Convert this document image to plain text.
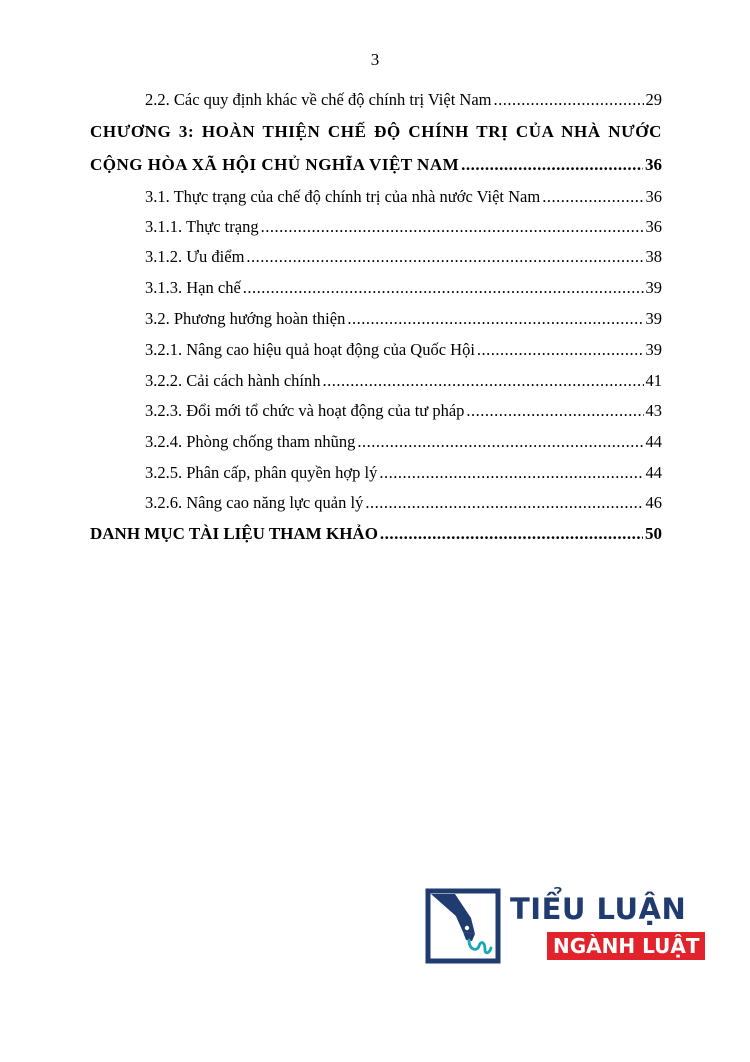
3
2.2. Các quy định khác về chế độ chính trị Việt Nam .....	29
CHƯƠNG 3: HOÀN THIỆN CHẾ ĐỘ CHÍNH TRỊ CỦA NHÀ NƯỚC
CỘNG HÒA XÃ HỘI CHỦ NGHĨA VIỆT NAM .....	36
3.1. Thực trạng của chế độ chính trị của nhà nước Việt Nam .....	36
3.1.1. Thực trạng .....	36
3.1.2. Ưu điểm .....	38
3.1.3. Hạn chế .....	39
3.2. Phương hướng hoàn thiện .....	39
3.2.1. Nâng cao hiệu quả hoạt động của Quốc Hội .....	39
3.2.2. Cải cách hành chính .....	41
3.2.3. Đổi mới tổ chức và hoạt động của tư pháp .....	43
3.2.4. Phòng chống tham nhũng .....	44
3.2.5. Phân cấp, phân quyền hợp lý .....	44
3.2.6. Nâng cao năng lực quản lý .....	46
DANH MỤC TÀI LIỆU THAM KHẢO .....	50
TIỂU LUẬN
NGÀNH LUẬT
